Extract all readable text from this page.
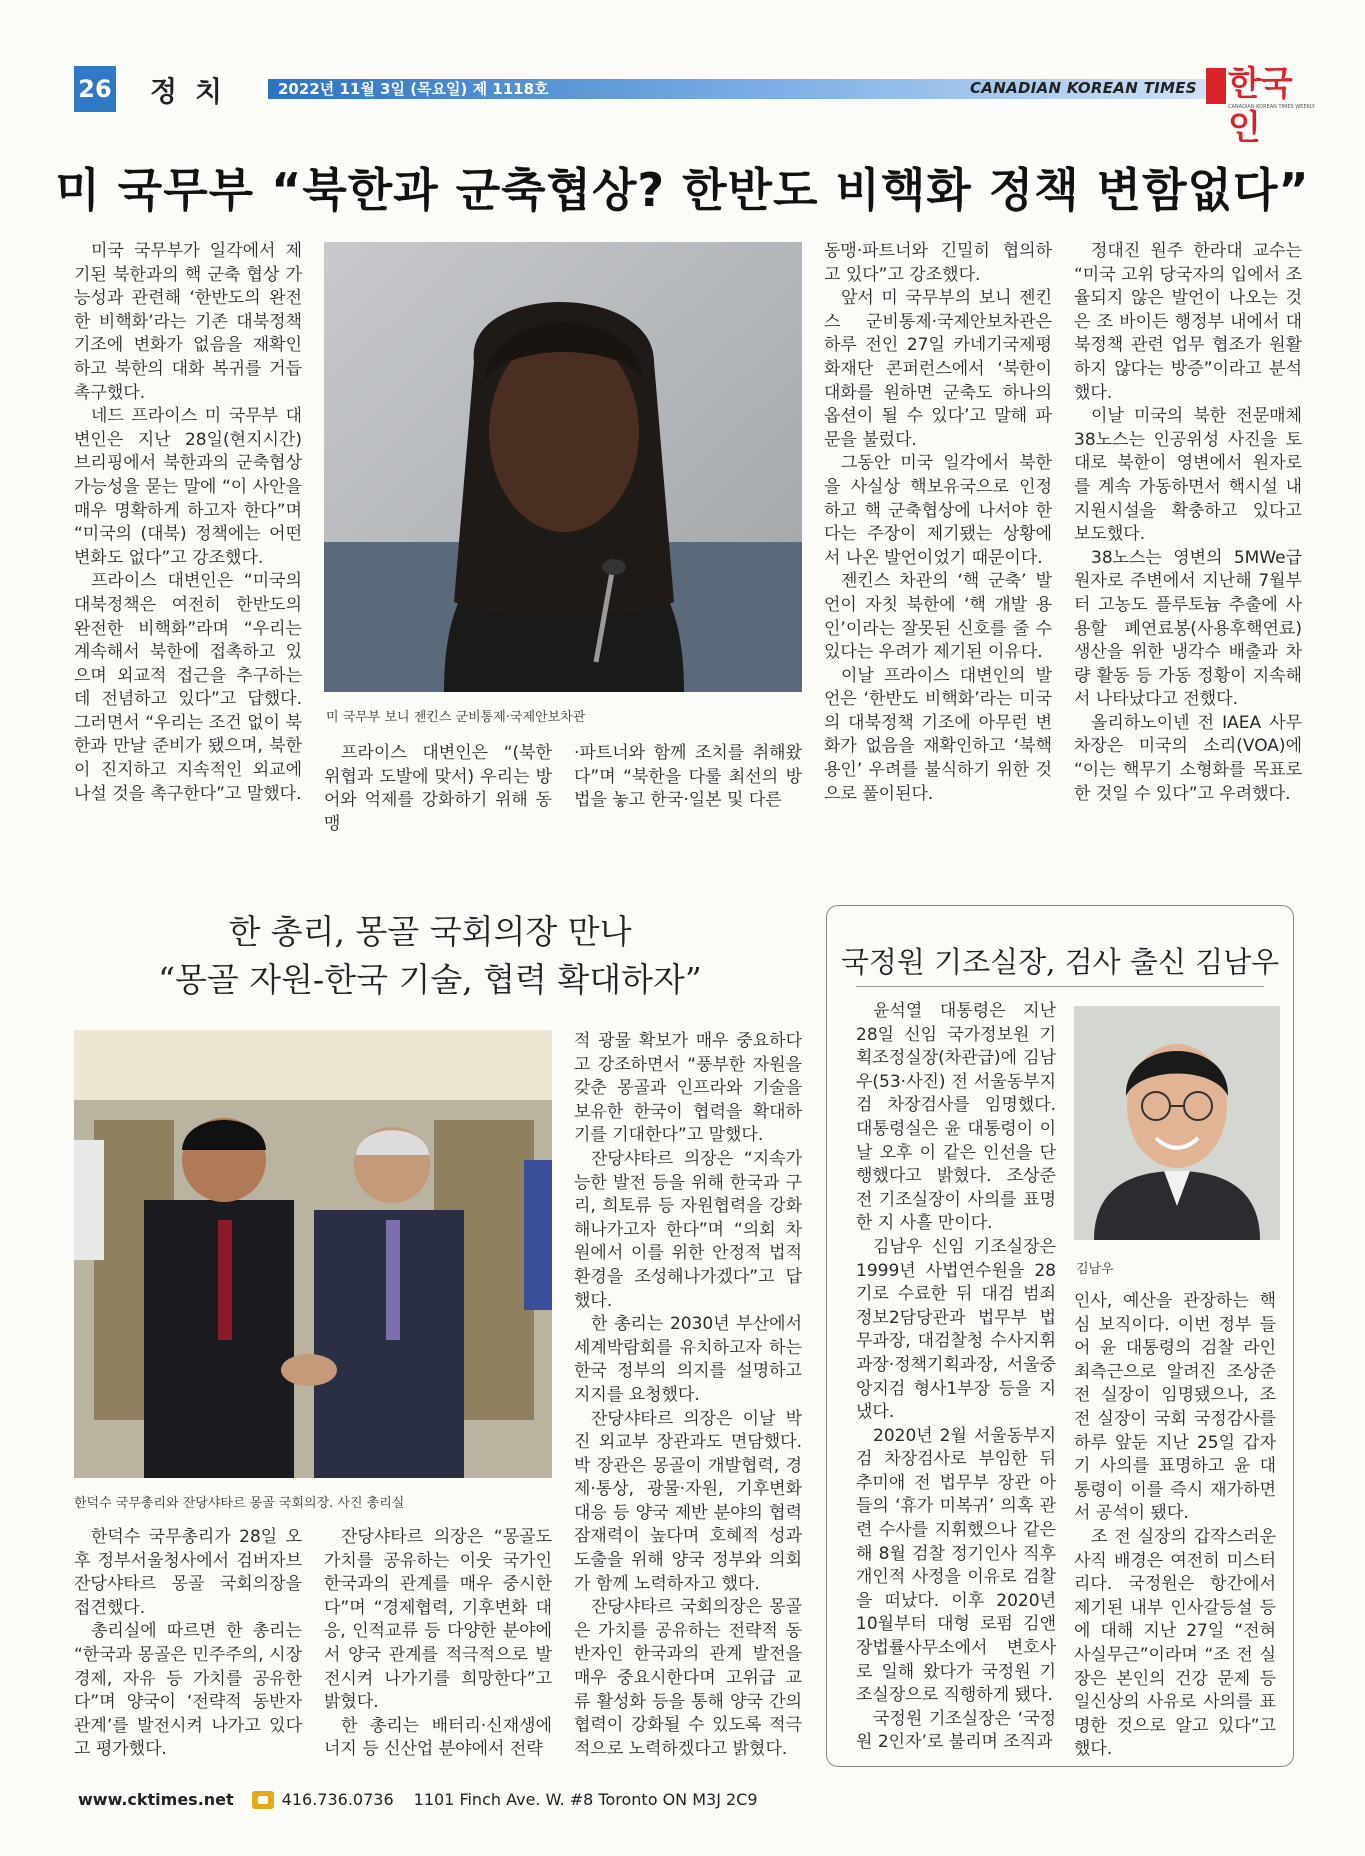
26 정치	2022년 11월 3일 (목요일) 제 1118호	CANADIAN KOREAN TIMES 한국인
CANADIAN KOREAN TIMES WEEKLY
미 국무부 “북한과 군축협상? 한반도 비핵화 정책 변함없다”

미국 국무부가 일각에서 제기된 북한과의 핵 군축 협상 가능성과 관련해 ‘한반도의 완전한 비핵화’라는 기존 대북정책 기조에 변화가 없음을 재확인하고 북한의 대화 복귀를 거듭 촉구했다.

네드 프라이스 미 국무부 대변인은 지난 28일(현지시간) 브리핑에서 북한과의 군축협상 가능성을 묻는 말에 “이 사안을 매우 명확하게 하고자 한다”며 “미국의 (대북) 정책에는 어떤 변화도 없다”고 강조했다.

프라이스 대변인은 “미국의 대북정책은 여전히 한반도의 완전한 비핵화”라며 “우리는 계속해서 북한에 접촉하고 있으며 외교적 접근을 추구하는 데 전념하고 있다”고 답했다. 그러면서 “우리는 조건 없이 북한과 만날 준비가 됐으며, 북한이 진지하고 지속적인 외교에 나설 것을 촉구한다”고 말했다.

미 국무부 보니 젠킨스 군비통제·국제안보차관

프라이스 대변인은 “(북한 위협과 도발에 맞서) 우리는 방어와 억제를 강화하기 위해 동맹

·파트너와 함께 조치를 취해왔다”며 “북한을 다룰 최선의 방법을 놓고 한국·일본 및 다른

동맹·파트너와 긴밀히 협의하고 있다”고 강조했다.

앞서 미 국무부의 보니 젠킨스 군비통제·국제안보차관은 하루 전인 27일 카네기국제평화재단 콘퍼런스에서 ‘북한이 대화를 원하면 군축도 하나의 옵션이 될 수 있다’고 말해 파문을 불렀다.

그동안 미국 일각에서 북한을 사실상 핵보유국으로 인정하고 핵 군축협상에 나서야 한다는 주장이 제기됐는 상황에서 나온 발언이었기 때문이다.

젠킨스 차관의 ‘핵 군축’ 발언이 자칫 북한에 ‘핵 개발 용인’이라는 잘못된 신호를 줄 수 있다는 우려가 제기된 이유다.

이날 프라이스 대변인의 발언은 ‘한반도 비핵화’라는 미국의 대북정책 기조에 아무런 변화가 없음을 재확인하고 ‘북핵 용인’ 우려를 불식하기 위한 것으로 풀이된다.

정대진 원주 한라대 교수는 “미국 고위 당국자의 입에서 조율되지 않은 발언이 나오는 것은 조 바이든 행정부 내에서 대북정책 관련 업무 협조가 원활하지 않다는 방증”이라고 분석했다.

이날 미국의 북한 전문매체 38노스는 인공위성 사진을 토대로 북한이 영변에서 원자로를 계속 가동하면서 핵시설 내 지원시설을 확충하고 있다고 보도했다.

38노스는 영변의 5MWe급 원자로 주변에서 지난해 7월부터 고농도 플루토늄 추출에 사용할 폐연료봉(사용후핵연료) 생산을 위한 냉각수 배출과 차량 활동 등 가동 정황이 지속해서 나타났다고 전했다.

올리하노이넨 전 IAEA 사무차장은 미국의 소리(VOA)에 “이는 핵무기 소형화를 목표로 한 것일 수 있다”고 우려했다.

한 총리, 몽골 국회의장 만나
“몽골 자원-한국 기술, 협력 확대하자”
한덕수 국무총리와 잔당샤타르 몽골 국회의장. 사진 총리실

한덕수 국무총리가 28일 오후 정부서울청사에서 검버자브 잔당샤타르 몽골 국회의장을 접견했다.

총리실에 따르면 한 총리는 “한국과 몽골은 민주주의, 시장경제, 자유 등 가치를 공유한다”며 양국이 ‘전략적 동반자 관계’를 발전시켜 나가고 있다고 평가했다.

잔당샤타르 의장은 “몽골도 가치를 공유하는 이웃 국가인 한국과의 관계를 매우 중시한다”며 “경제협력, 기후변화 대응, 인적교류 등 다양한 분야에서 양국 관계를 적극적으로 발전시켜 나가기를 희망한다”고 밝혔다.

한 총리는 배터리·신재생에너지 등 신산업 분야에서 전략

적 광물 확보가 매우 중요하다고 강조하면서 “풍부한 자원을 갖춘 몽골과 인프라와 기술을 보유한 한국이 협력을 확대하기를 기대한다”고 말했다.

잔당샤타르 의장은 “지속가능한 발전 등을 위해 한국과 구리, 희토류 등 자원협력을 강화해나가고자 한다”며 “의회 차원에서 이를 위한 안정적 법적 환경을 조성해나가겠다”고 답했다.

한 총리는 2030년 부산에서 세계박람회를 유치하고자 하는 한국 정부의 의지를 설명하고 지지를 요청했다.

잔당샤타르 의장은 이날 박진 외교부 장관과도 면담했다. 박 장관은 몽골이 개발협력, 경제·통상, 광물·자원, 기후변화 대응 등 양국 제반 분야의 협력 잠재력이 높다며 호혜적 성과 도출을 위해 양국 정부와 의회가 함께 노력하자고 했다.

잔당샤타르 국회의장은 몽골은 가치를 공유하는 전략적 동반자인 한국과의 관계 발전을 매우 중요시한다며 고위급 교류 활성화 등을 통해 양국 간의 협력이 강화될 수 있도록 적극적으로 노력하겠다고 밝혔다.

국정원 기조실장, 검사 출신 김남우

윤석열 대통령은 지난 28일 신임 국가정보원 기획조정실장(차관급)에 김남우(53·사진) 전 서울동부지검 차장검사를 임명했다. 대통령실은 윤 대통령이 이날 오후 이 같은 인선을 단행했다고 밝혔다. 조상준 전 기조실장이 사의를 표명한 지 사흘 만이다.

김남우 신임 기조실장은 1999년 사법연수원을 28기로 수료한 뒤 대검 범죄정보2담당관과 법무부 법무과장, 대검찰청 수사지휘과장·정책기획과장, 서울중앙지검 형사1부장 등을 지냈다.

2020년 2월 서울동부지검 차장검사로 부임한 뒤 추미애 전 법무부 장관 아들의 ‘휴가 미복귀’ 의혹 관련 수사를 지휘했으나 같은 해 8월 검찰 정기인사 직후 개인적 사정을 이유로 검찰을 떠났다. 이후 2020년 10월부터 대형 로펌 김앤장법률사무소에서 변호사로 일해 왔다가 국정원 기조실장으로 직행하게 됐다.

국정원 기조실장은 ‘국정원 2인자’로 불리며 조직과

김남우

인사, 예산을 관장하는 핵심 보직이다. 이번 정부 들어 윤 대통령의 검찰 라인 최측근으로 알려진 조상준 전 실장이 임명됐으나, 조 전 실장이 국회 국정감사를 하루 앞둔 지난 25일 갑자기 사의를 표명하고 윤 대통령이 이를 즉시 재가하면서 공석이 됐다.

조 전 실장의 갑작스러운 사직 배경은 여전히 미스터리다. 국정원은 항간에서 제기된 내부 인사갈등설 등에 대해 지난 27일 “전혀 사실무근”이라며 “조 전 실장은 본인의 건강 문제 등 일신상의 사유로 사의를 표명한 것으로 알고 있다”고 했다.

www.cktimes.net	416.736.0736 1101 Finch Ave. W. #8 Toronto ON M3J 2C9
